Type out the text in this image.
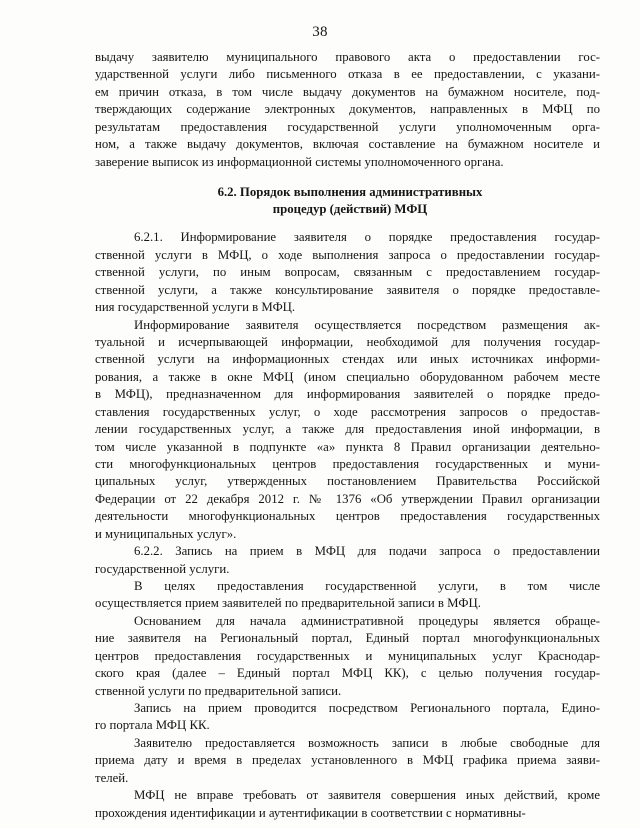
38
выдачу заявителю муниципального правового акта о предоставлении гос-
ударственной услуги либо письменного отказа в ее предоставлении, с указани-
ем причин отказа, в том числе выдачу документов на бумажном носителе, под-
тверждающих содержание электронных документов, направленных в МФЦ по
результатам предоставления государственной услуги уполномоченным орга-
ном, а также выдачу документов, включая составление на бумажном носителе и
заверение выписок из информационной системы уполномоченного органа.
6.2. Порядок выполнения административных
процедур (действий) МФЦ
6.2.1. Информирование заявителя о порядке предоставления государ-
ственной услуги в МФЦ, о ходе выполнения запроса о предоставлении государ-
ственной услуги, по иным вопросам, связанным с предоставлением государ-
ственной услуги, а также консультирование заявителя о порядке предоставле-
ния государственной услуги в МФЦ.
Информирование заявителя осуществляется посредством размещения ак-
туальной и исчерпывающей информации, необходимой для получения государ-
ственной услуги на информационных стендах или иных источниках информи-
рования, а также в окне МФЦ (ином специально оборудованном рабочем месте
в МФЦ), предназначенном для информирования заявителей о порядке предо-
ставления государственных услуг, о ходе рассмотрения запросов о предостав-
лении государственных услуг, а также для предоставления иной информации, в
том числе указанной в подпункте «а» пункта 8 Правил организации деятельно-
сти многофункциональных центров предоставления государственных и муни-
ципальных услуг, утвержденных постановлением Правительства Российской
Федерации от 22 декабря 2012 г. № 1376 «Об утверждении Правил организации
деятельности многофункциональных центров предоставления государственных
и муниципальных услуг».
6.2.2. Запись на прием в МФЦ для подачи запроса о предоставлении
государственной услуги.
В целях предоставления государственной услуги, в том числе
осуществляется прием заявителей по предварительной записи в МФЦ.
Основанием для начала административной процедуры является обраще-
ние заявителя на Региональный портал, Единый портал многофункциональных
центров предоставления государственных и муниципальных услуг Краснодар-
ского края (далее – Единый портал МФЦ КК), с целью получения государ-
ственной услуги по предварительной записи.
Запись на прием проводится посредством Регионального портала, Едино-
го портала МФЦ КК.
Заявителю предоставляется возможность записи в любые свободные для
приема дату и время в пределах установленного в МФЦ графика приема заяви-
телей.
МФЦ не вправе требовать от заявителя совершения иных действий, кроме
прохождения идентификации и аутентификации в соответствии с нормативны-
